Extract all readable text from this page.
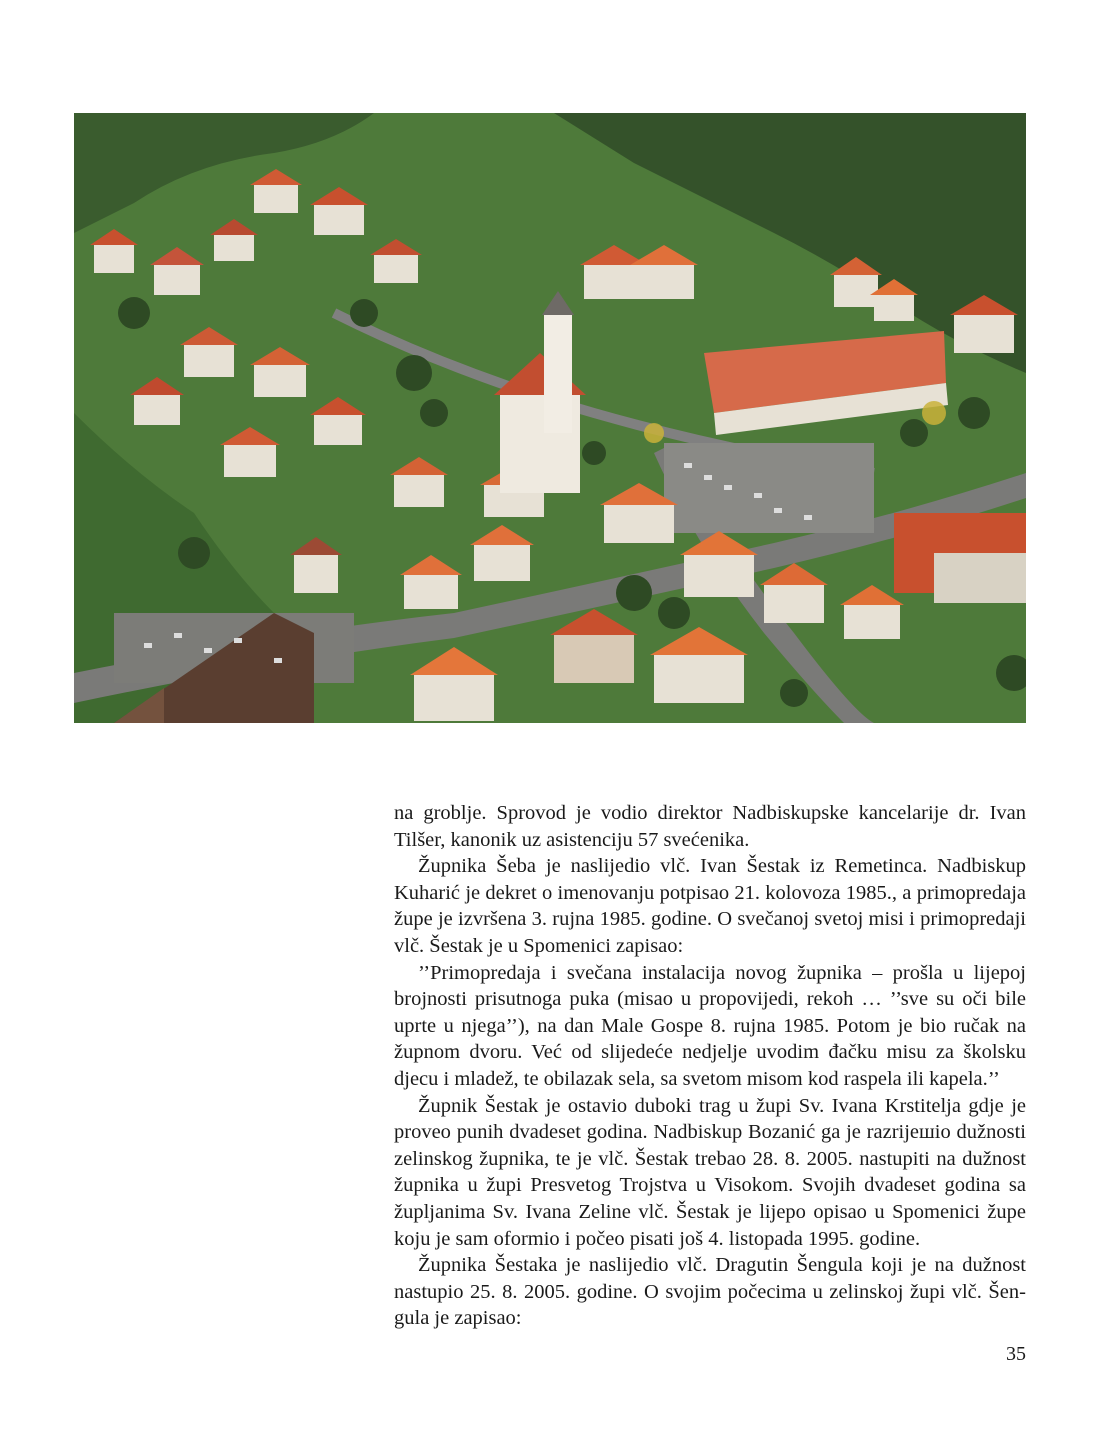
na groblje. Sprovod je vodio direktor Nadbiskupske kancelarije dr. Ivan Tilšer, kanonik uz asistenciju 57 svećenika.

Župnika Šeba je naslijedio vlč. Ivan Šestak iz Remetinca. Nadbiskup Kuharić je dekret o imenovanju potpisao 21. kolovoza 1985., a primopredaja župe je izvršena 3. rujna 1985. godine. O svečanoj svetoj misi i primopredaji vlč. Šestak je u Spomenici zapisao:

’’Primopredaja i svečana instalacija novog župnika – prošla u lijepoj brojnosti prisutnoga puka (misao u propovijedi, rekoh … ’’sve su oči bile uprte u njega’’), na dan Male Gospe 8. rujna 1985. Potom je bio ručak na župnom dvoru. Već od slijedeće nedjelje uvodim đačku misu za školsku djecu i mladež, te obilazak sela, sa svetom misom kod raspela ili kapela.’’

Župnik Šestak je ostavio duboki trag u župi Sv. Ivana Krstitelja gdje je proveo punih dvadeset godina. Nadbiskup Bozanić ga je razrijешio dužnosti zelinskog župnika, te je vlč. Šestak trebao 28. 8. 2005. nastupiti na dužnost župnika u župi Presvetog Trojstva u Visokom. Svojih dvadeset godina sa župljanima Sv. Ivana Zeline vlč. Šestak je lijepo opisao u Spomenici župe koju je sam oformio i počeo pisati još 4. listopada 1995. godine.

Župnika Šestaka je naslijedio vlč. Dragutin Šengula koji je na dužnost nastupio 25. 8. 2005. godine. O svojim počecima u zelinskoj župi vlč. Šengula je zapisao:

35
